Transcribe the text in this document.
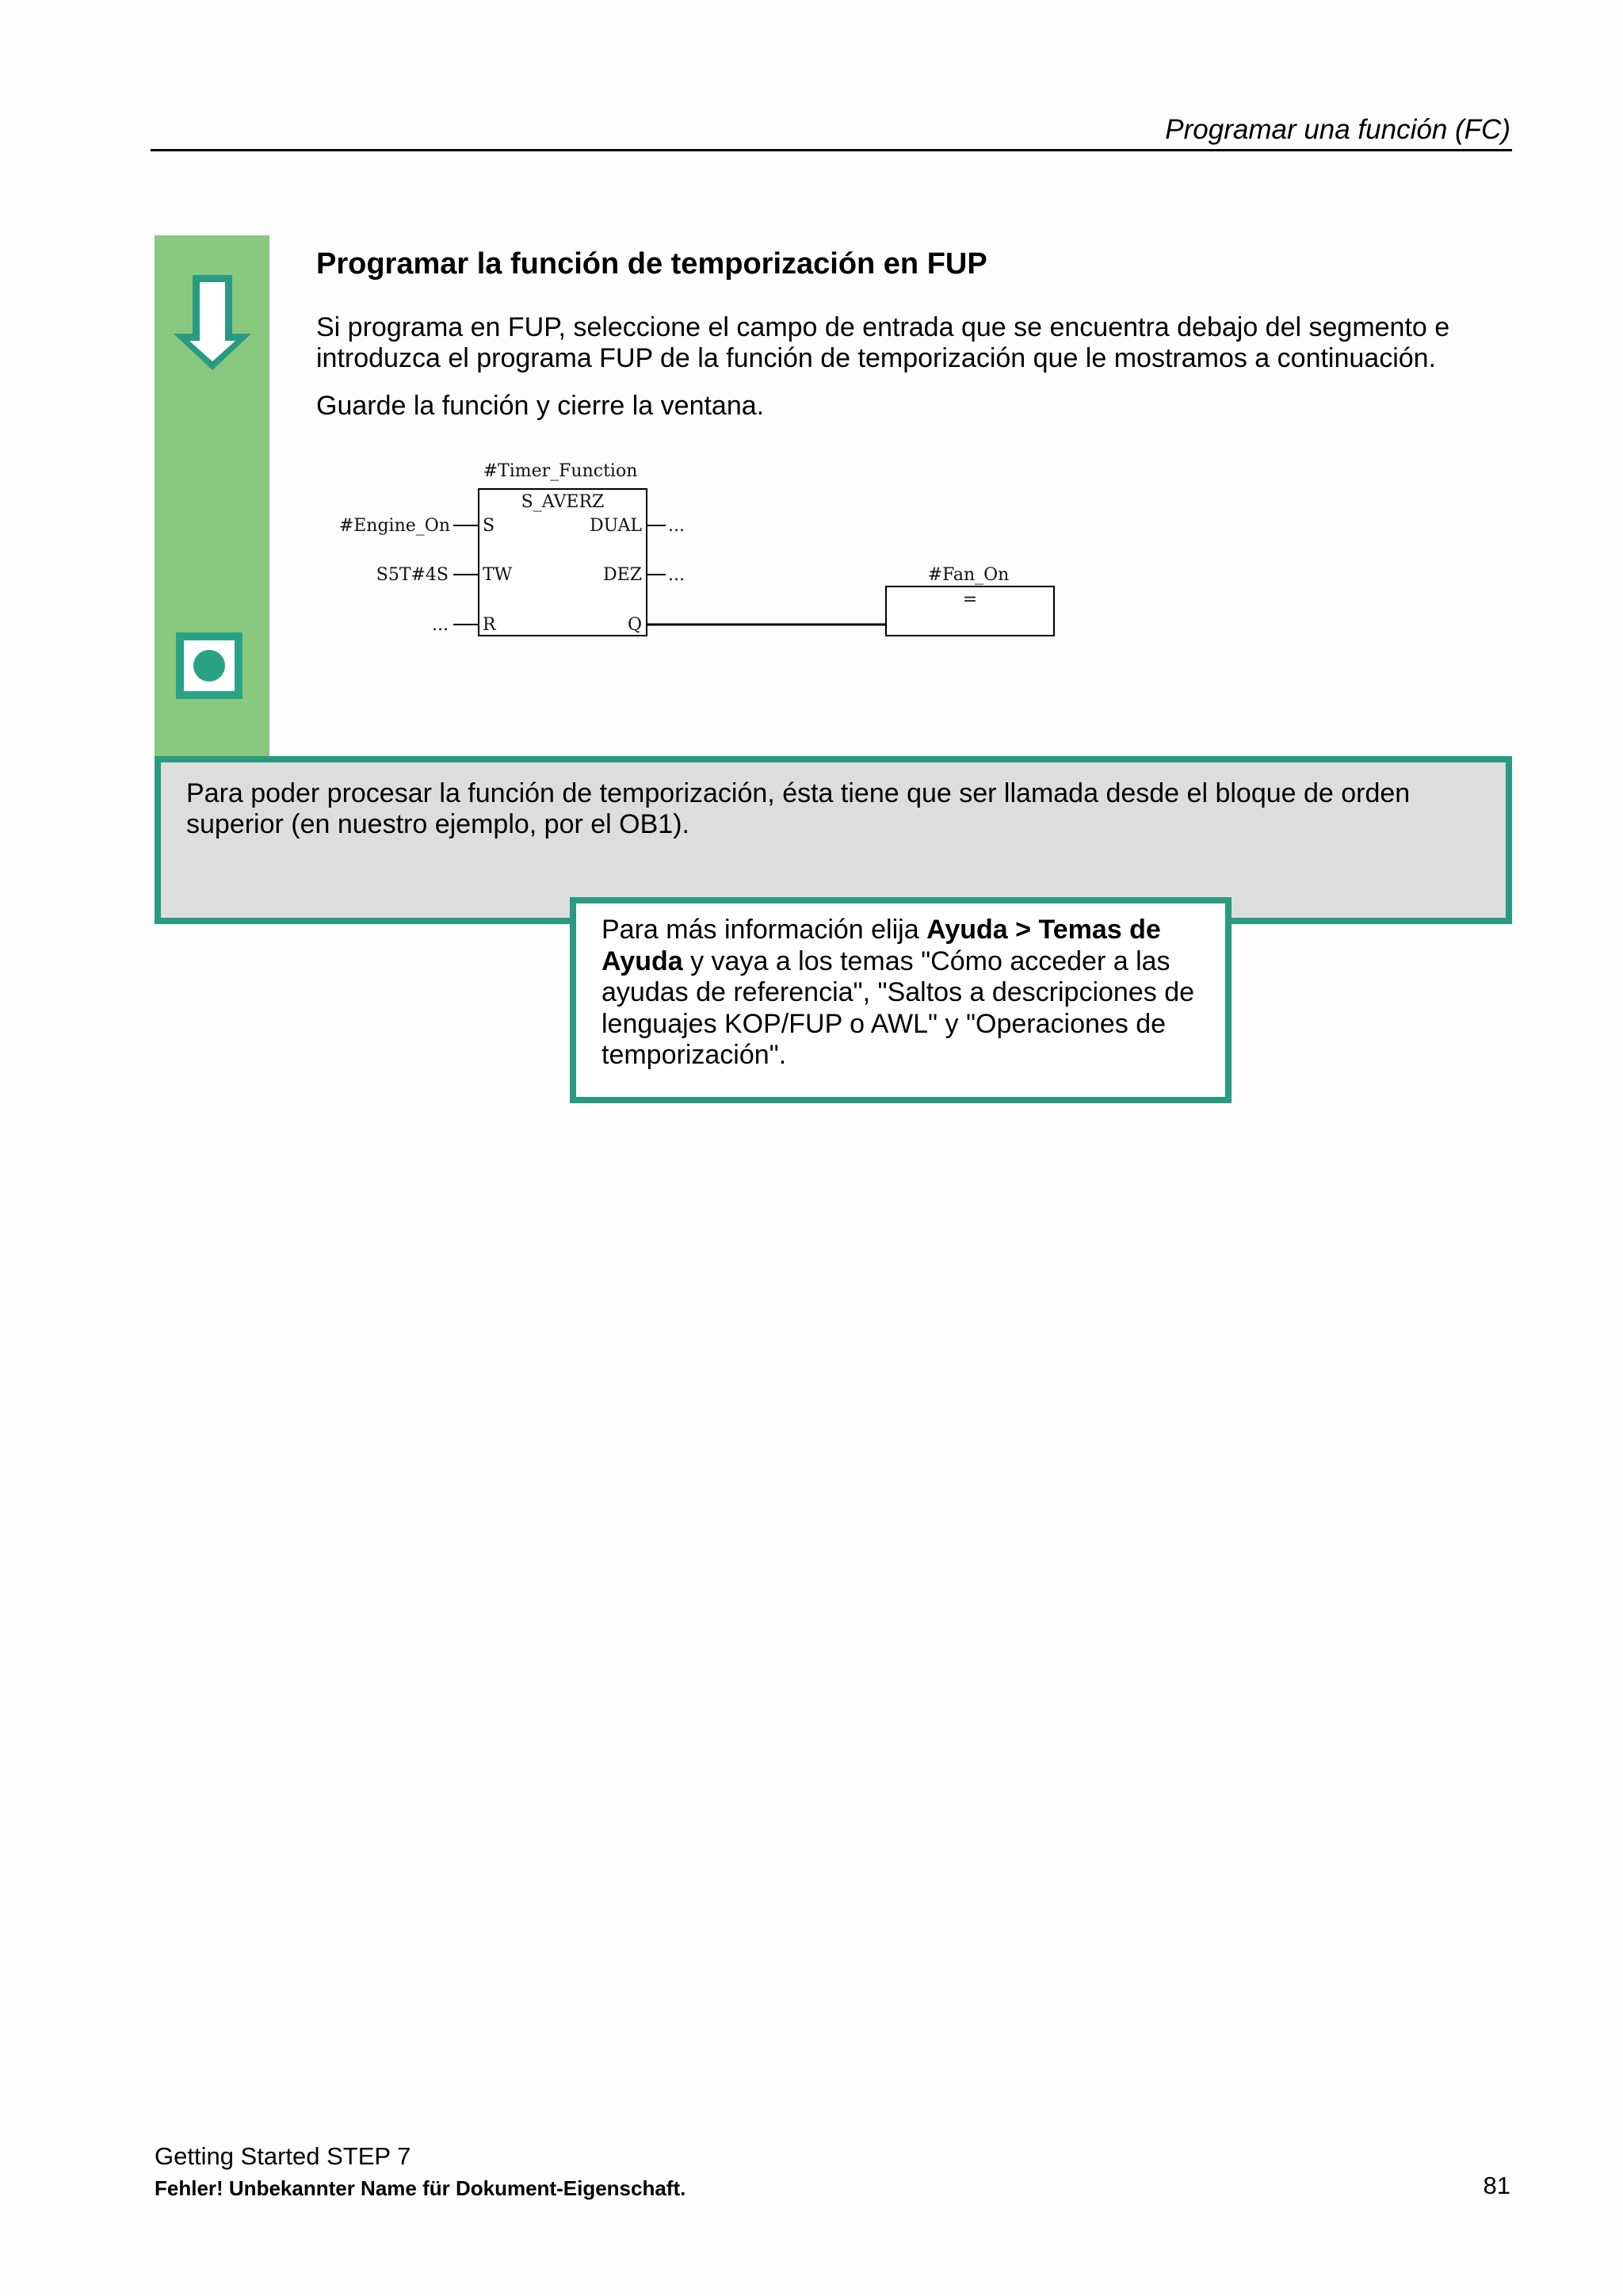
Programar una función (FC)
Programar la función de temporización en FUP
Si programa en FUP, seleccione el campo de entrada que se encuentra debajo del segmento e introduzca el programa FUP de la función de temporización que le mostramos a continuación.
Guarde la función y cierre la ventana.
#Timer_Function
S_AVERZ
S
TW
R
DUAL
DEZ
Q
#Engine_On
S5T#4S
...
...
...	#Fan_On
=
Para poder procesar la función de temporización, ésta tiene que ser llamada desde el bloque de orden superior (en nuestro ejemplo, por el OB1).
Para más información elija Ayuda > Temas de Ayuda y vaya a los temas "Cómo acceder a las ayudas de referencia", "Saltos a descripciones de lenguajes KOP/FUP o AWL" y "Operaciones de temporización".
Getting Started STEP 7
Fehler! Unbekannter Name für Dokument-Eigenschaft.	81
